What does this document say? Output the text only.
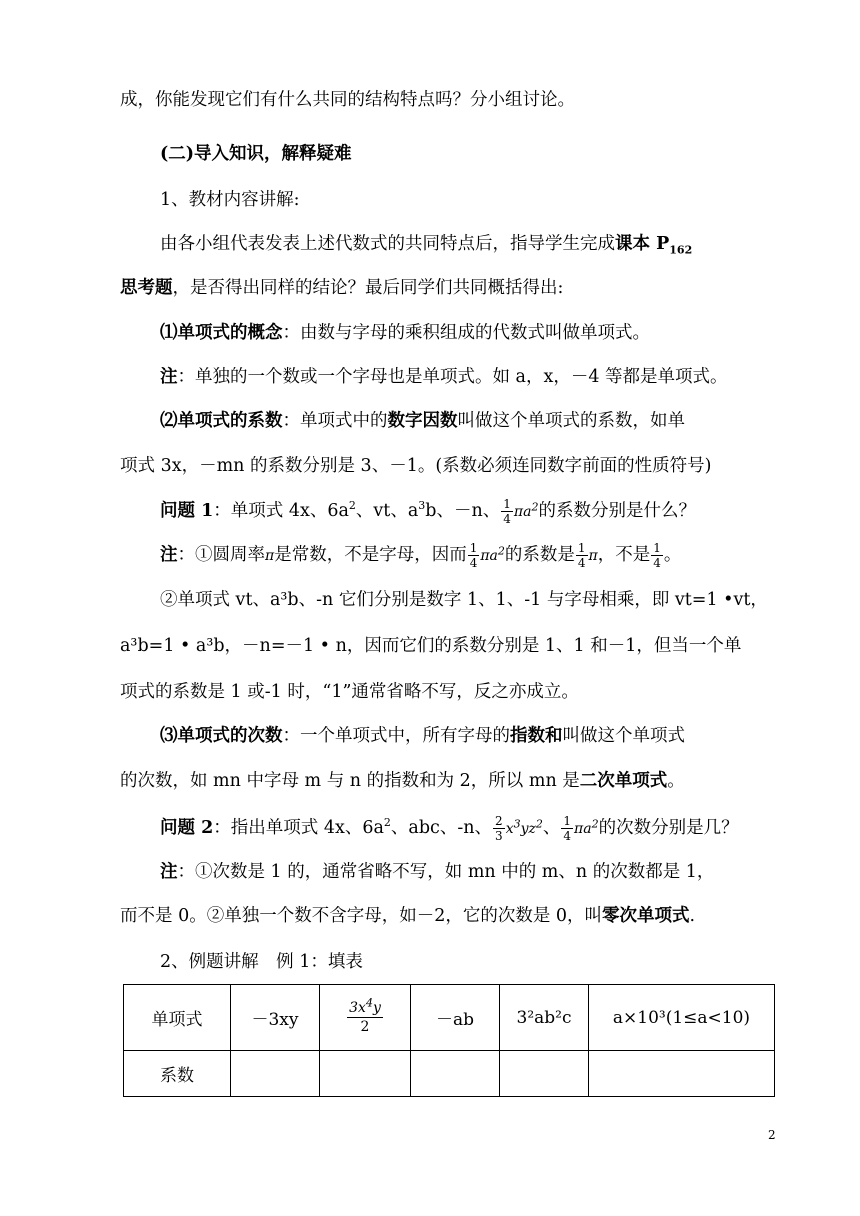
成，你能发现它们有什么共同的结构特点吗？分小组讨论。
(二)导入知识，解释疑难
1、教材内容讲解:
由各小组代表发表上述代数式的共同特点后，指导学生完成课本 $P_{162}$
思考题，是否得出同样的结论？最后同学们共同概括得出:
⑴单项式的概念：由数与字母的乘积组成的代数式叫做单项式。
注：单独的一个数或一个字母也是单项式。如 a，x，－4 等都是单项式。
⑵单项式的系数：单项式中的数字因数叫做这个单项式的系数，如单
项式 3x，－mn 的系数分别是 3、－1。(系数必须连同数字前面的性质符号)
问题 1：单项式 4x、$6a^2$、vt、$a^3b$、－n、 $\frac{1}{4} \pi a^2$的系数分别是什么？
注：①圆周率π是常数，不是字母，因而 $\frac{1}{4} \pi a^2$的系数是 $\frac{1}{4}$ π，不是 $\frac{1}{4}$ 。
②单项式 vt、a³b、-n 它们分别是数字 1、1、-1 与字母相乘，即 vt=1 •vt，
a³b=1 • a³b，－n=－1 • n，因而它们的系数分别是 1、1 和－1，但当一个单
项式的系数是 1 或-1 时，“1”通常省略不写，反之亦成立。
⑶单项式的次数：一个单项式中，所有字母的指数和叫做这个单项式
的次数，如 mn 中字母 m 与 n 的指数和为 2，所以 mn 是二次单项式。
问题 2：指出单项式 4x、$6a^2$、abc、-n、 $\frac{2}{3} x^3yz^2$、 $\frac{1}{4} \pi a^2$的次数分别是几？
注：①次数是 1 的，通常省略不写，如 mn 中的 m、n 的次数都是 1，
而不是 0。②单独一个数不含字母，如－2，它的次数是 0，叫零次单项式.
2、例题讲解　例 1：填表
单项式	－3xy	$\frac{3x^4y}{2}$	－ab	3²ab²c	a×10³(1≤a<10)
系数					
2
